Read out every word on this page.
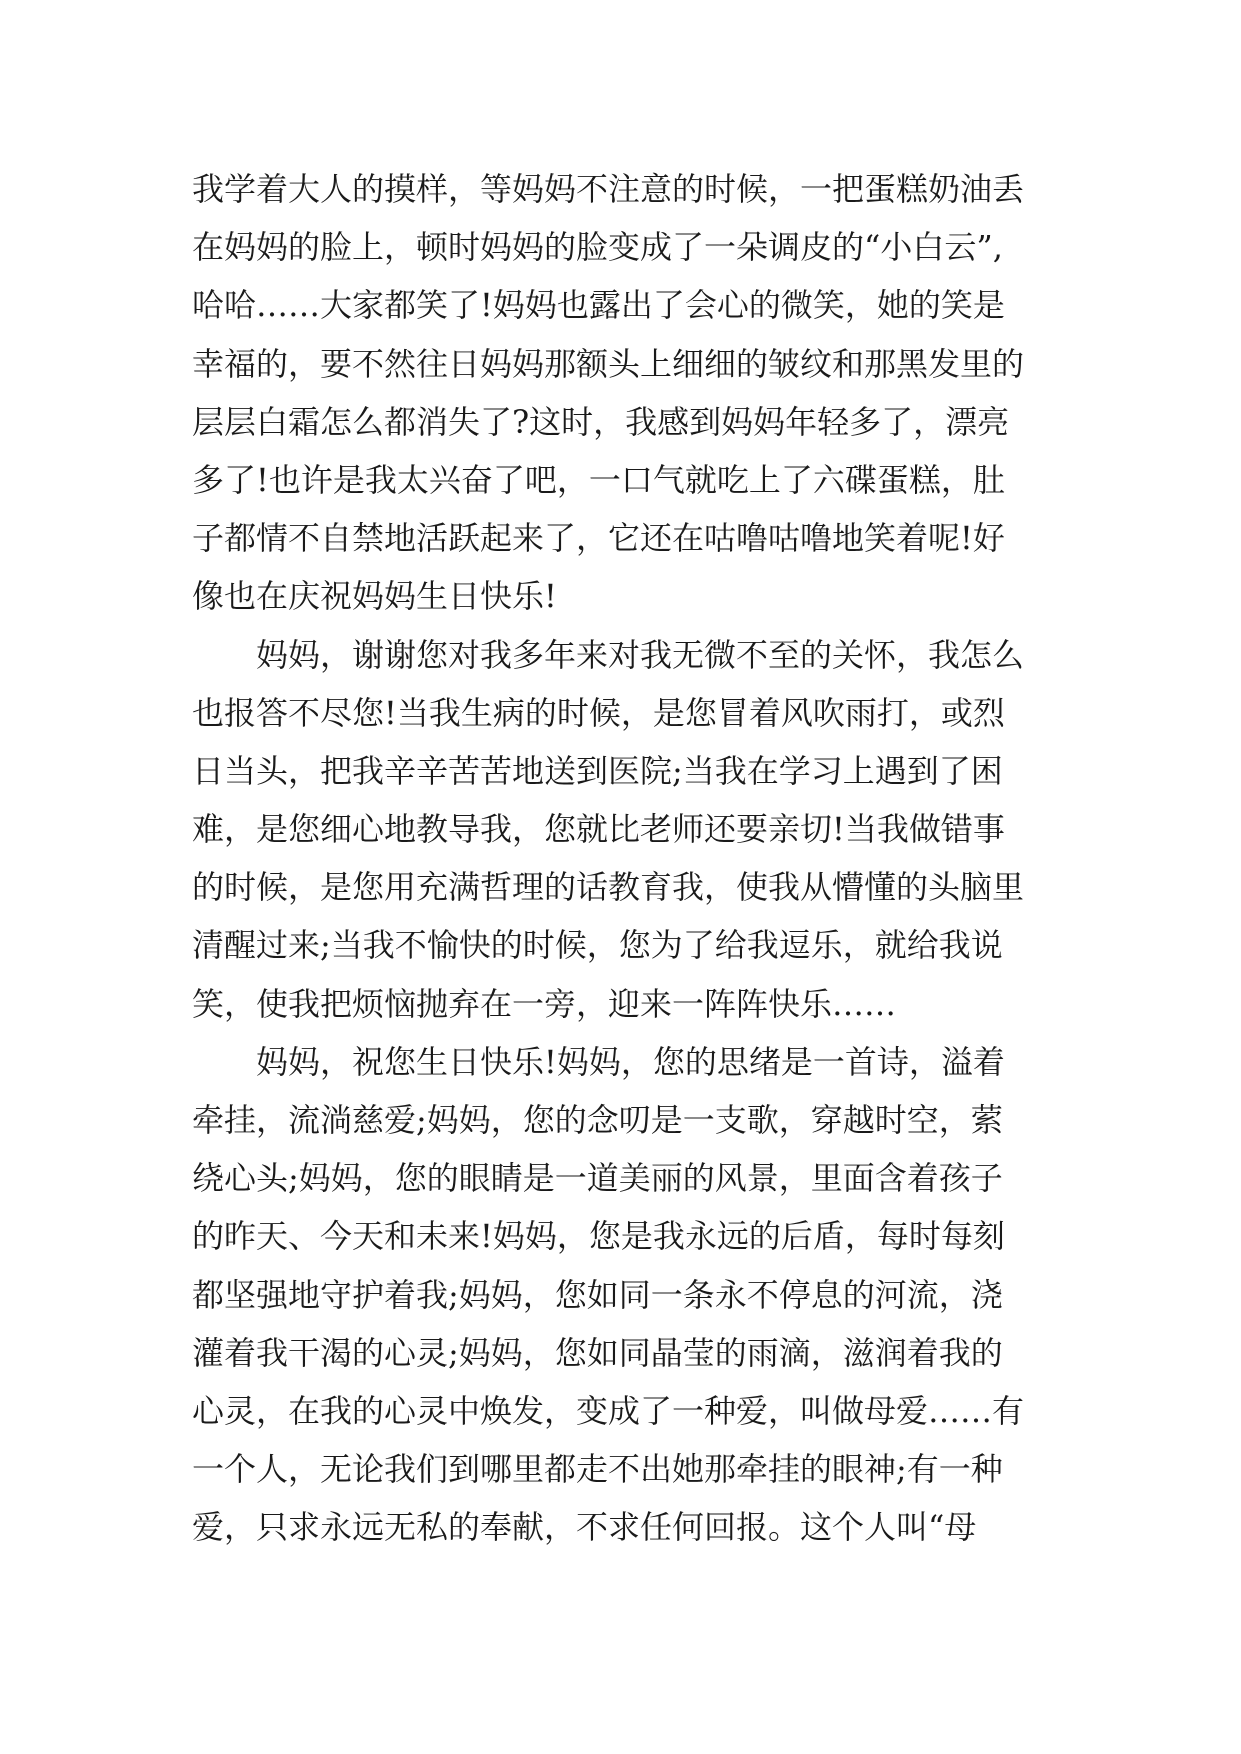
我学着大人的摸样，等妈妈不注意的时候，一把蛋糕奶油丢
在妈妈的脸上，顿时妈妈的脸变成了一朵调皮的“小白云”,
哈哈……大家都笑了!妈妈也露出了会心的微笑，她的笑是
幸福的，要不然往日妈妈那额头上细细的皱纹和那黑发里的
层层白霜怎么都消失了?这时，我感到妈妈年轻多了，漂亮
多了!也许是我太兴奋了吧，一口气就吃上了六碟蛋糕，肚
子都情不自禁地活跃起来了，它还在咕噜咕噜地笑着呢!好
像也在庆祝妈妈生日快乐!
妈妈，谢谢您对我多年来对我无微不至的关怀，我怎么
也报答不尽您!当我生病的时候，是您冒着风吹雨打，或烈
日当头，把我辛辛苦苦地送到医院;当我在学习上遇到了困
难，是您细心地教导我，您就比老师还要亲切!当我做错事
的时候，是您用充满哲理的话教育我，使我从懵懂的头脑里
清醒过来;当我不愉快的时候，您为了给我逗乐，就给我说
笑，使我把烦恼抛弃在一旁，迎来一阵阵快乐……
妈妈，祝您生日快乐!妈妈，您的思绪是一首诗，溢着
牵挂，流淌慈爱;妈妈，您的念叨是一支歌，穿越时空，萦
绕心头;妈妈，您的眼睛是一道美丽的风景，里面含着孩子
的昨天、今天和未来!妈妈，您是我永远的后盾，每时每刻
都坚强地守护着我;妈妈，您如同一条永不停息的河流，浇
灌着我干渴的心灵;妈妈，您如同晶莹的雨滴，滋润着我的
心灵，在我的心灵中焕发，变成了一种爱，叫做母爱……有
一个人，无论我们到哪里都走不出她那牵挂的眼神;有一种
爱，只求永远无私的奉献，不求任何回报。这个人叫“母
